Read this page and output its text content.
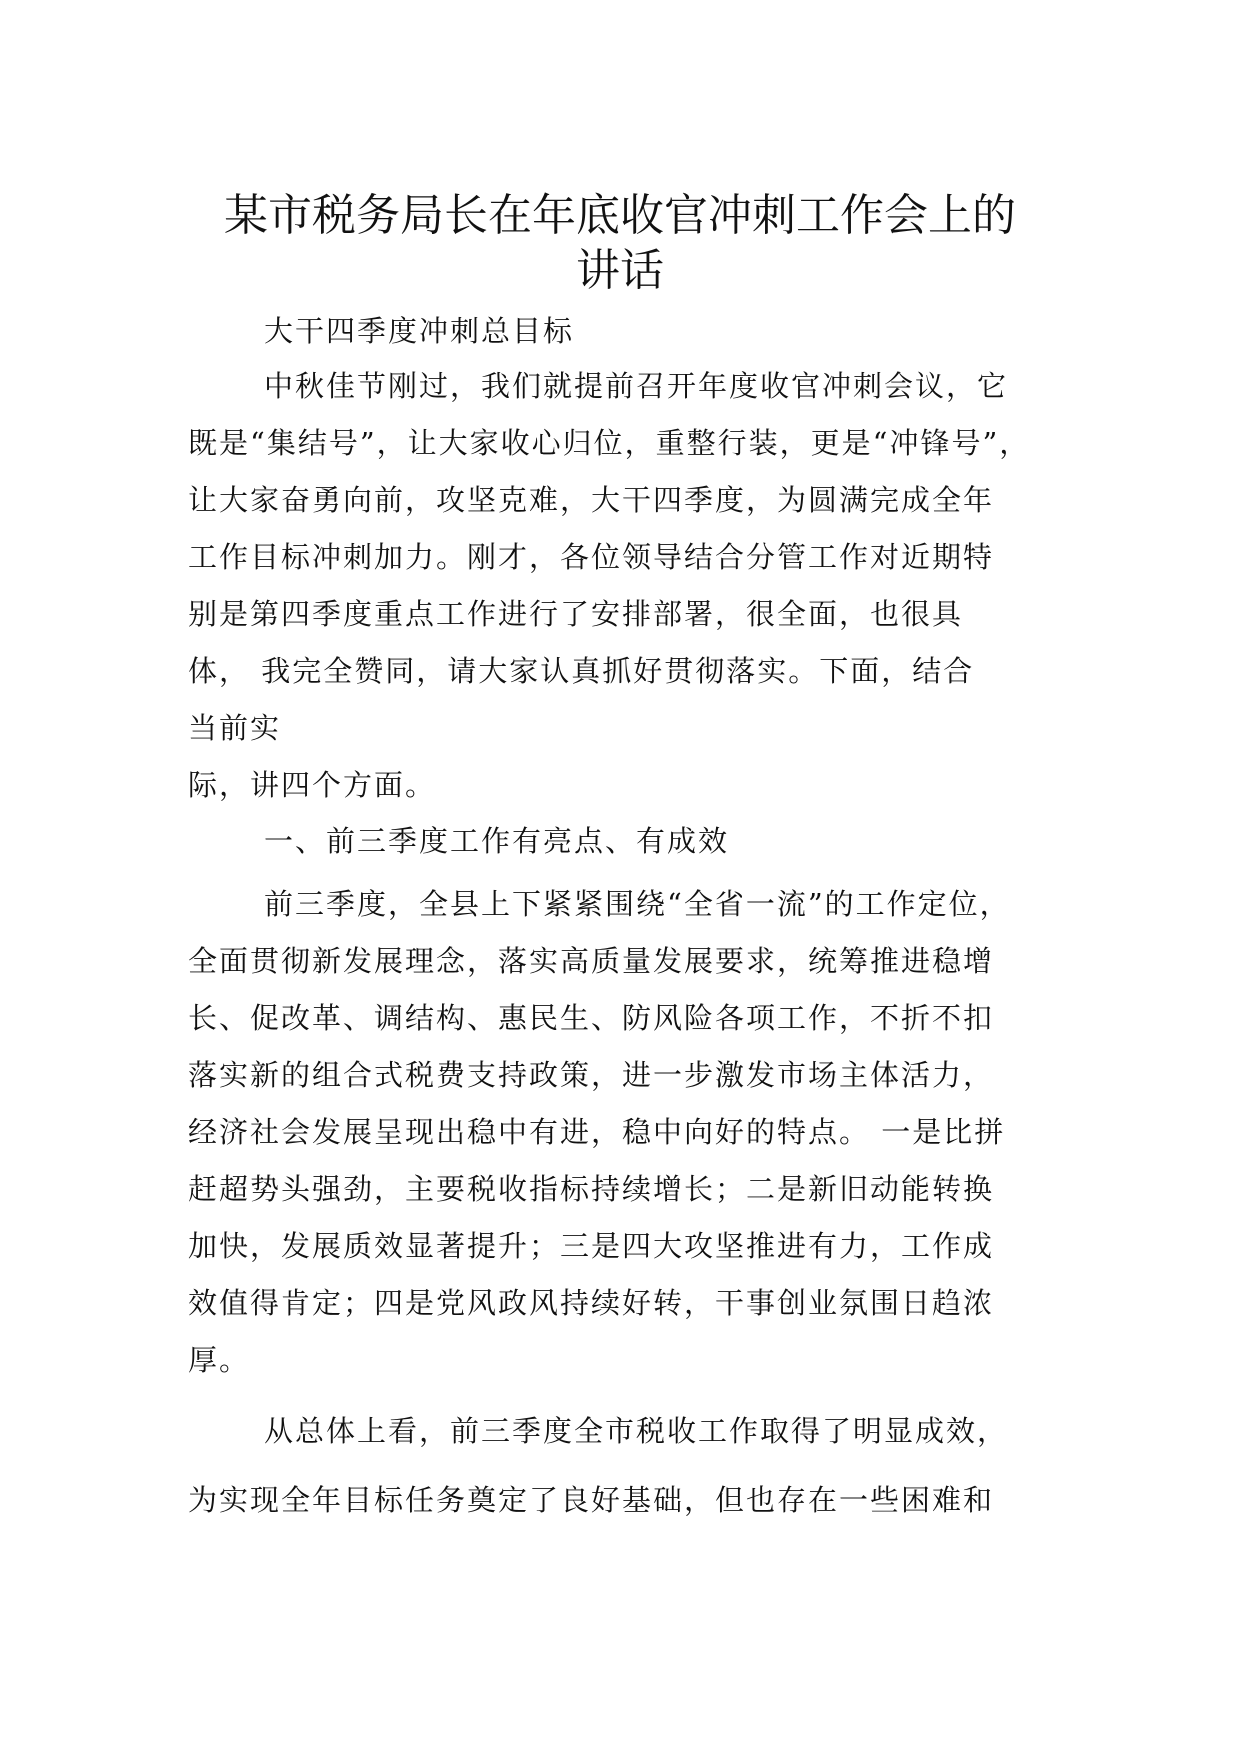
某市税务局长在年底收官冲刺工作会上的
讲话
大干四季度冲刺总目标
中秋佳节刚过，我们就提前召开年度收官冲刺会议，它
既是“集结号”，让大家收心归位，重整行装，更是“冲锋号”，
让大家奋勇向前，攻坚克难，大干四季度，为圆满完成全年
工作目标冲刺加力。刚才，各位领导结合分管工作对近期特
别是第四季度重点工作进行了安排部署，很全面，也很具
体， 我完全赞同，请大家认真抓好贯彻落实。下面，结合
当前实
际，讲四个方面。
一、前三季度工作有亮点、有成效
前三季度，全县上下紧紧围绕“全省一流”的工作定位，
全面贯彻新发展理念，落实高质量发展要求，统筹推进稳增
长、促改革、调结构、惠民生、防风险各项工作，不折不扣
落实新的组合式税费支持政策，进一步激发市场主体活力，
经济社会发展呈现出稳中有进，稳中向好的特点。 一是比拼
赶超势头强劲，主要税收指标持续增长；二是新旧动能转换
加快，发展质效显著提升；三是四大攻坚推进有力，工作成
效值得肯定；四是党风政风持续好转，干事创业氛围日趋浓
厚。
从总体上看，前三季度全市税收工作取得了明显成效，
为实现全年目标任务奠定了良好基础，但也存在一些困难和
